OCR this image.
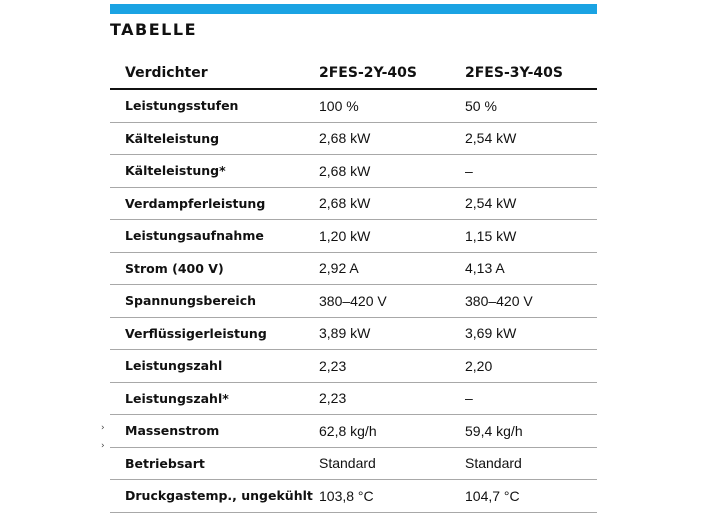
TABELLE
Verdichter	2FES-2Y-40S	2FES-3Y-40S
Leistungsstufen	100 %	50 %
Kälteleistung	2,68 kW	2,54 kW
Kälteleistung*	2,68 kW	–
Verdampferleistung	2,68 kW	2,54 kW
Leistungsaufnahme	1,20 kW	1,15 kW
Strom (400 V)	2,92 A	4,13 A
Spannungsbereich	380–420 V	380–420 V
Verflüssigerleistung	3,89 kW	3,69 kW
Leistungszahl	2,23	2,20
Leistungszahl*	2,23	–
Massenstrom	62,8 kg/h	59,4 kg/h
Betriebsart	Standard	Standard
Druckgastemp., ungekühlt	103,8 °C	104,7 °C
›
›
